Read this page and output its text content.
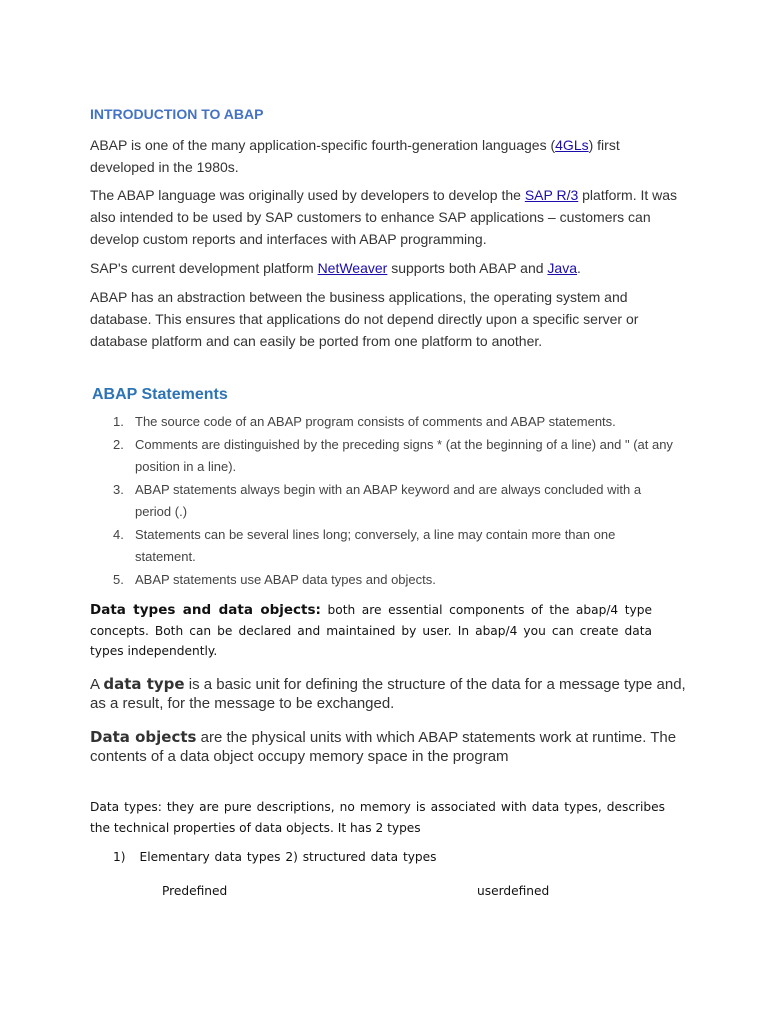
INTRODUCTION TO ABAP

ABAP is one of the many application-specific fourth-generation languages (4GLs) first developed in the 1980s.

The ABAP language was originally used by developers to develop the SAP R/3 platform. It was also intended to be used by SAP customers to enhance SAP applications – customers can develop custom reports and interfaces with ABAP programming.

SAP's current development platform NetWeaver supports both ABAP and Java.

ABAP has an abstraction between the business applications, the operating system and database. This ensures that applications do not depend directly upon a specific server or database platform and can easily be ported from one platform to another.

ABAP Statements
1. The source code of an ABAP program consists of comments and ABAP statements.
2. Comments are distinguished by the preceding signs * (at the beginning of a line) and " (at any position in a line).
3. ABAP statements always begin with an ABAP keyword and are always concluded with a period (.)
4. Statements can be several lines long; conversely, a line may contain more than one statement.
5. ABAP statements use ABAP data types and objects.

Data types and data objects: both are essential components of the abap/4 type concepts. Both can be declared and maintained by user. In abap/4 you can create data types independently.

A data type is a basic unit for defining the structure of the data for a message type and, as a result, for the message to be exchanged.

Data objects are the physical units with which ABAP statements work at runtime. The contents of a data object occupy memory space in the program

Data types: they are pure descriptions, no memory is associated with data types, describes the technical properties of data objects. It has 2 types

1) Elementary data types 2) structured data types
Predefined	userdefined
